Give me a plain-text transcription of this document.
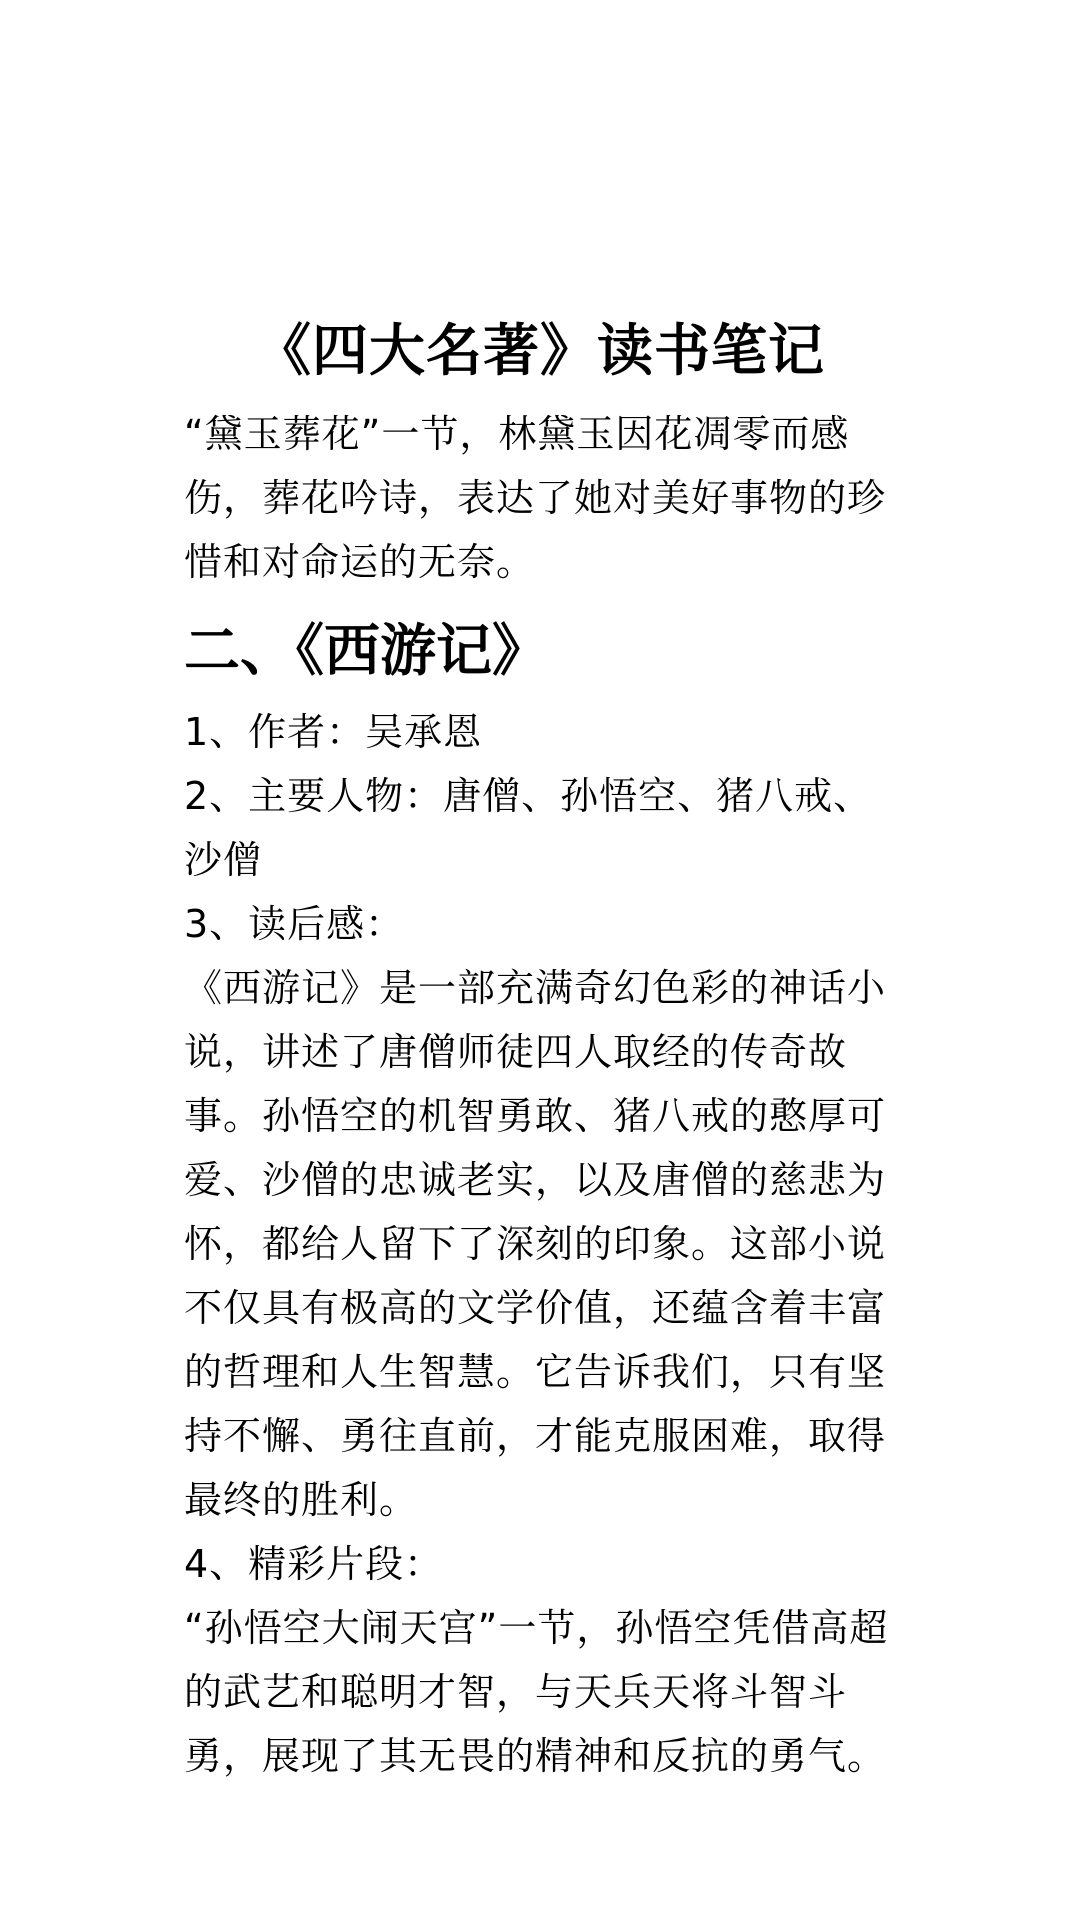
《四大名著》读书笔记

“黛玉葬花”一节，林黛玉因花凋零而感伤，葬花吟诗，表达了她对美好事物的珍惜和对命运的无奈。

二、《西游记》

1、作者：吴承恩

2、主要人物：唐僧、孙悟空、猪八戒、沙僧

3、读后感：

《西游记》是一部充满奇幻色彩的神话小说，讲述了唐僧师徒四人取经的传奇故事。孙悟空的机智勇敢、猪八戒的憨厚可爱、沙僧的忠诚老实，以及唐僧的慈悲为怀，都给人留下了深刻的印象。这部小说不仅具有极高的文学价值，还蕴含着丰富的哲理和人生智慧。它告诉我们，只有坚持不懈、勇往直前，才能克服困难，取得最终的胜利。

4、精彩片段：

“孙悟空大闹天宫”一节，孙悟空凭借高超的武艺和聪明才智，与天兵天将斗智斗勇，展现了其无畏的精神和反抗的勇气。
